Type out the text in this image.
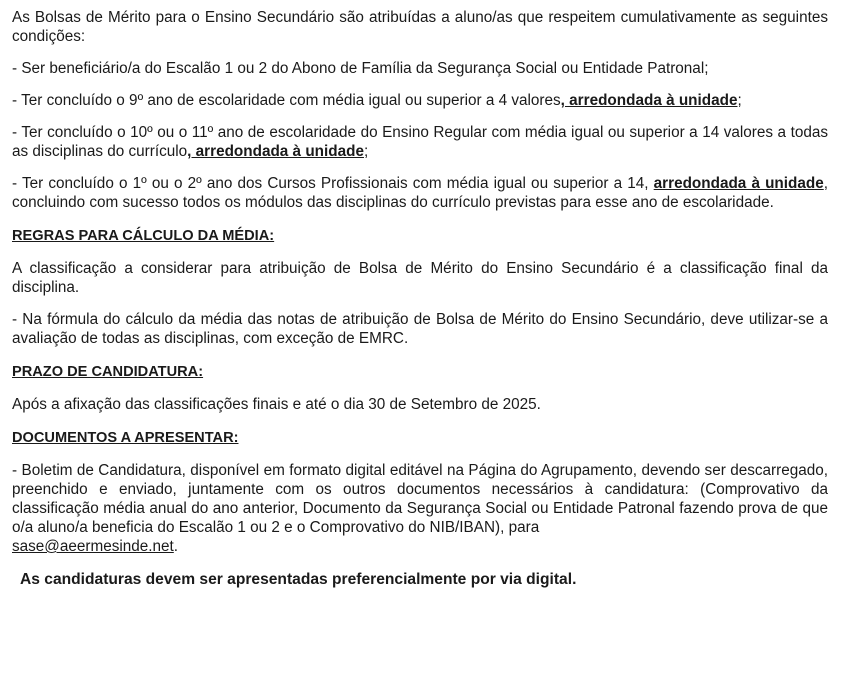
As Bolsas de Mérito para o Ensino Secundário são atribuídas a aluno/as que respeitem cumulativamente as seguintes condições:

- Ser beneficiário/a do Escalão 1 ou 2 do Abono de Família da Segurança Social ou Entidade Patronal;

- Ter concluído o 9º ano de escolaridade com média igual ou superior a 4 valores, arredondada à unidade;

- Ter concluído o 10º ou o 11º ano de escolaridade do Ensino Regular com média igual ou superior a 14 valores a todas as disciplinas do currículo, arredondada à unidade;

- Ter concluído o 1º ou o 2º ano dos Cursos Profissionais com média igual ou superior a 14, arredondada à unidade, concluindo com sucesso todos os módulos das disciplinas do currículo previstas para esse ano de escolaridade.

REGRAS PARA CÁLCULO DA MÉDIA:

A classificação a considerar para atribuição de Bolsa de Mérito do Ensino Secundário é a classificação final da disciplina.

- Na fórmula do cálculo da média das notas de atribuição de Bolsa de Mérito do Ensino Secundário, deve utilizar-se a avaliação de todas as disciplinas, com exceção de EMRC.

PRAZO DE CANDIDATURA:

Após a afixação das classificações finais e até o dia 30 de Setembro de 2025.

DOCUMENTOS A APRESENTAR:

- Boletim de Candidatura, disponível em formato digital editável na Página do Agrupamento, devendo ser descarregado, preenchido e enviado, juntamente com os outros documentos necessários à candidatura: (Comprovativo da classificação média anual do ano anterior, Documento da Segurança Social ou Entidade Patronal fazendo prova de que o/a aluno/a beneficia do Escalão 1 ou 2 e o Comprovativo do NIB/IBAN), para
sase@aeermesinde.net.

As candidaturas devem ser apresentadas preferencialmente por via digital.
